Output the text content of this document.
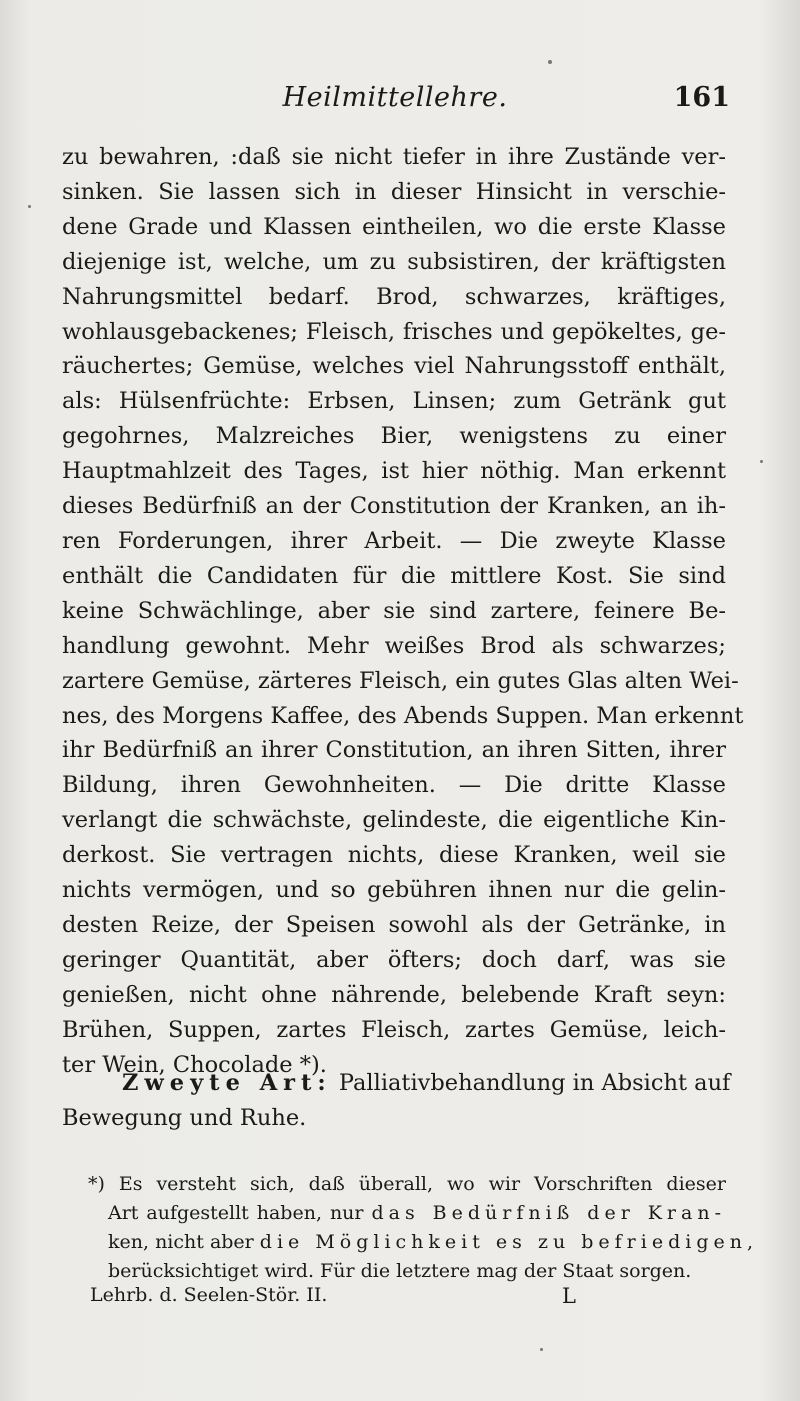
Heilmittellehre.	161
zu bewahren, :daß sie nicht tiefer in ihre Zustände ver-
sinken. Sie lassen sich in dieser Hinsicht in verschie-
dene Grade und Klassen eintheilen, wo die erste Klasse
diejenige ist, welche, um zu subsistiren, der kräftigsten
Nahrungsmittel bedarf. Brod, schwarzes, kräftiges,
wohlausgebackenes; Fleisch, frisches und gepökeltes, ge-
räuchertes; Gemüse, welches viel Nahrungsstoff enthält,
als: Hülsenfrüchte: Erbsen, Linsen; zum Getränk gut
gegohrnes, Malzreiches Bier, wenigstens zu einer
Hauptmahlzeit des Tages, ist hier nöthig. Man erkennt
dieses Bedürfniß an der Constitution der Kranken, an ih-
ren Forderungen, ihrer Arbeit. — Die zweyte Klasse
enthält die Candidaten für die mittlere Kost. Sie sind
keine Schwächlinge, aber sie sind zartere, feinere Be-
handlung gewohnt. Mehr weißes Brod als schwarzes;
zartere Gemüse, zärteres Fleisch, ein gutes Glas alten Wei-
nes, des Morgens Kaffee, des Abends Suppen. Man erkennt
ihr Bedürfniß an ihrer Constitution, an ihren Sitten, ihrer
Bildung, ihren Gewohnheiten. — Die dritte Klasse
verlangt die schwächste, gelindeste, die eigentliche Kin-
derkost. Sie vertragen nichts, diese Kranken, weil sie
nichts vermögen, und so gebühren ihnen nur die gelin-
desten Reize, der Speisen sowohl als der Getränke, in
geringer Quantität, aber öfters; doch darf, was sie
genießen, nicht ohne nährende, belebende Kraft seyn:
Brühen, Suppen, zartes Fleisch, zartes Gemüse, leich-
ter Wein, Chocolade *).
Zweyte Art: Palliativbehandlung in Absicht auf
Bewegung und Ruhe.
*) Es versteht sich, daß überall, wo wir Vorschriften dieser
Art aufgestellt haben, nur das Bedürfniß der Kran-
ken, nicht aber die Möglichkeit es zu befriedigen,
berücksichtiget wird. Für die letztere mag der Staat sorgen.
Lehrb. d. Seelen-Stör. II.	L
